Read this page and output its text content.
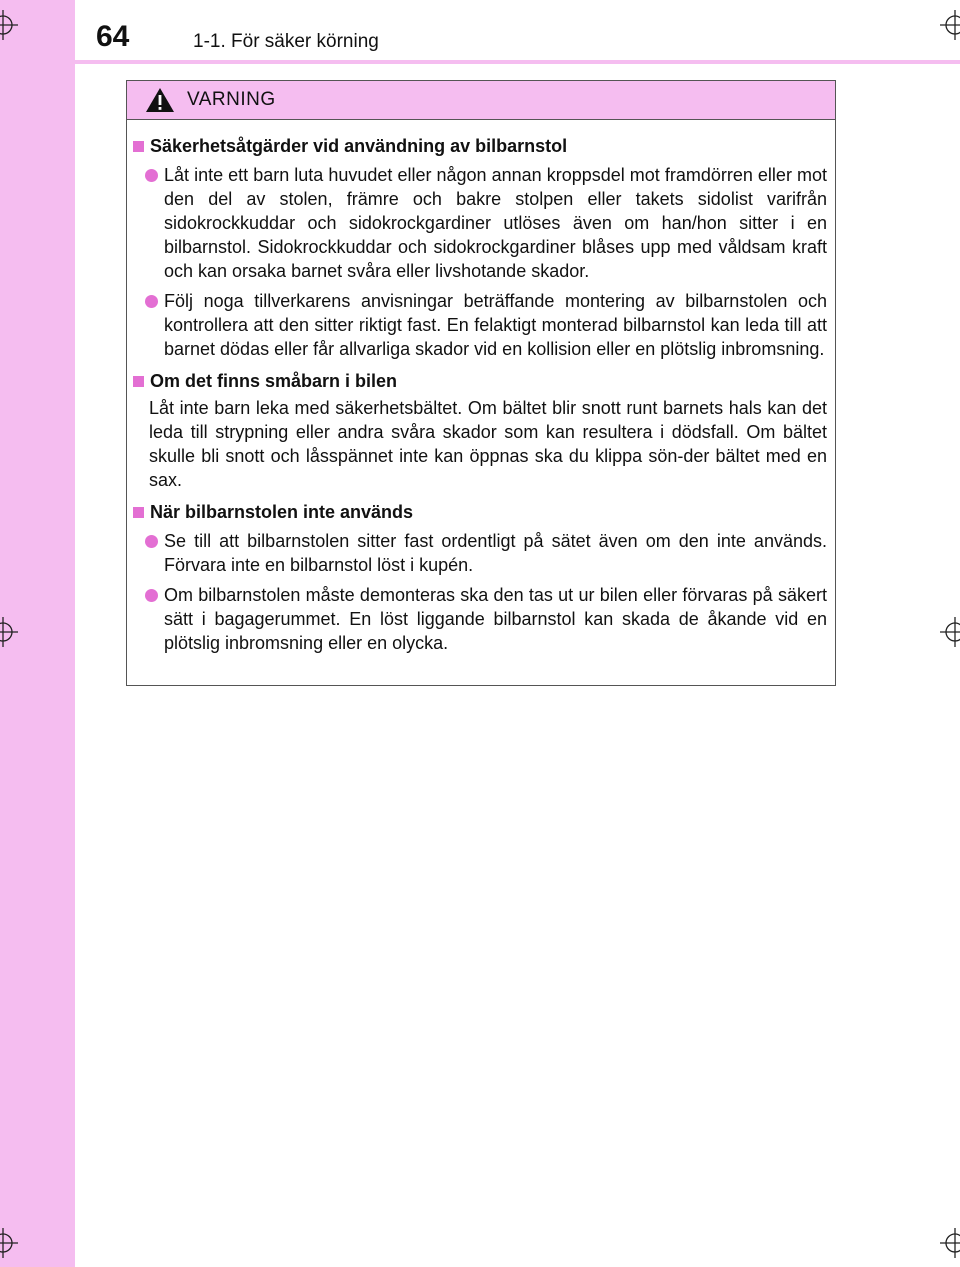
64	1-1. För säker körning
VARNING
Säkerhetsåtgärder vid användning av bilbarnstol
Låt inte ett barn luta huvudet eller någon annan kroppsdel mot framdörren eller mot den del av stolen, främre och bakre stolpen eller takets sidolist varifrån sidokrockkuddar och sidokrockgardiner utlöses även om han/hon sitter i en bilbarnstol. Sidokrockkuddar och sidokrockgardiner blåses upp med våldsam kraft och kan orsaka barnet svåra eller livshotande skador.
Följ noga tillverkarens anvisningar beträffande montering av bilbarnstolen och kontrollera att den sitter riktigt fast. En felaktigt monterad bilbarnstol kan leda till att barnet dödas eller får allvarliga skador vid en kollision eller en plötslig inbromsning.
Om det finns småbarn i bilen
Låt inte barn leka med säkerhetsbältet. Om bältet blir snott runt barnets hals kan det leda till strypning eller andra svåra skador som kan resultera i dödsfall. Om bältet skulle bli snott och låsspännet inte kan öppnas ska du klippa sön-der bältet med en sax.
När bilbarnstolen inte används
Se till att bilbarnstolen sitter fast ordentligt på sätet även om den inte används. Förvara inte en bilbarnstol löst i kupén.
Om bilbarnstolen måste demonteras ska den tas ut ur bilen eller förvaras på säkert sätt i bagagerummet. En löst liggande bilbarnstol kan skada de åkande vid en plötslig inbromsning eller en olycka.
